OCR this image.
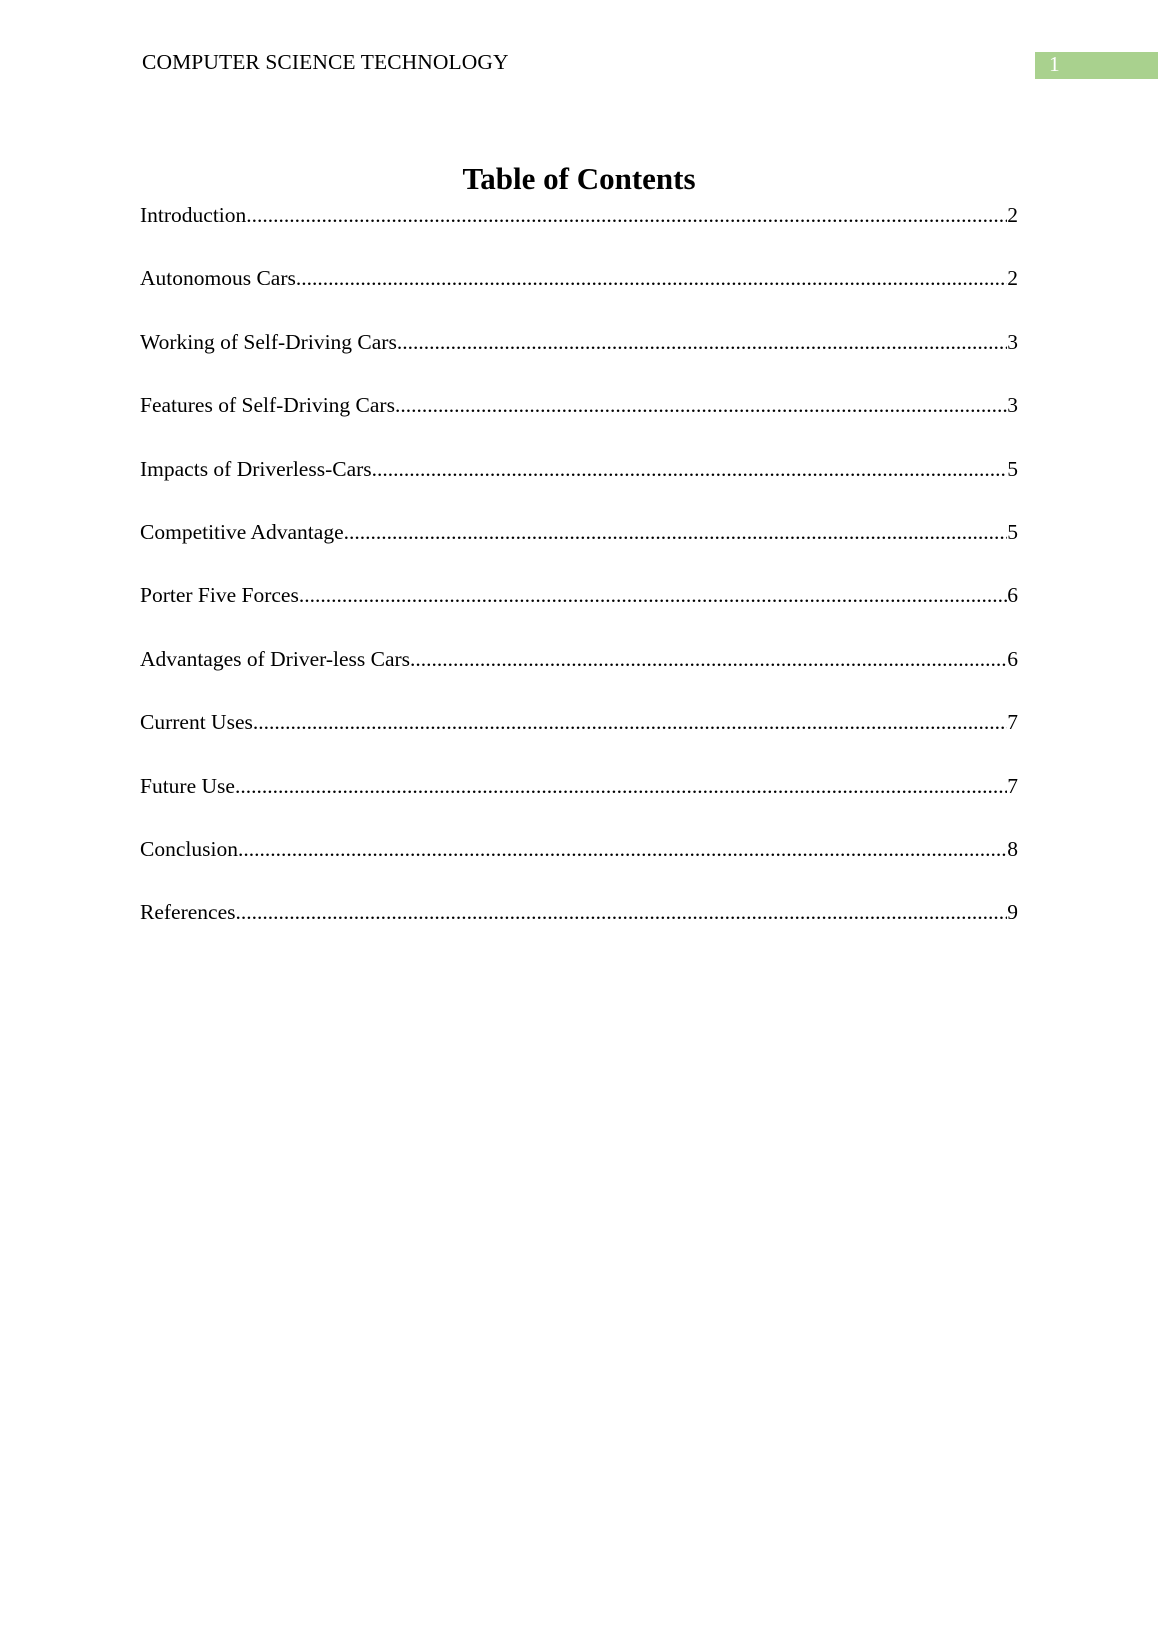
COMPUTER SCIENCE TECHNOLOGY	1
Table of Contents
Introduction .....	2
Autonomous Cars .....	2
Working of Self-Driving Cars .....	3
Features of Self-Driving Cars .....	3
Impacts of Driverless-Cars .....	5
Competitive Advantage .....	5
Porter Five Forces .....	6
Advantages of Driver-less Cars .....	6
Current Uses .....	7
Future Use .....	7
Conclusion .....	8
References .....	9
